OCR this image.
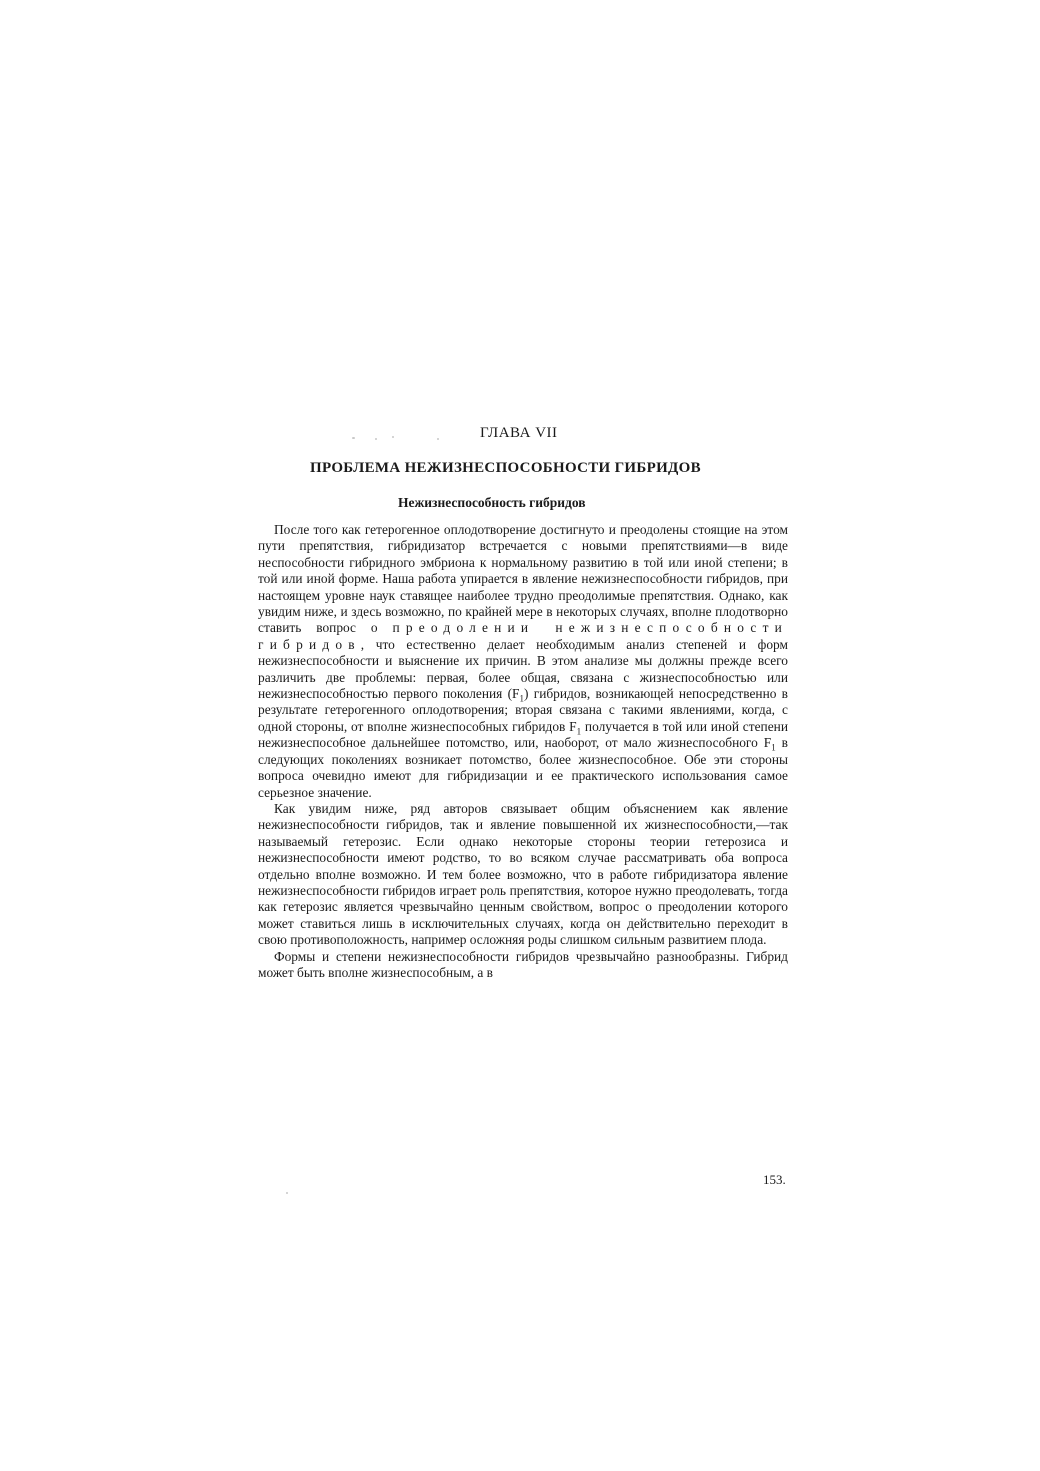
ГЛАВА VII
ПРОБЛЕМА НЕЖИЗНЕСПОСОБНОСТИ ГИБРИДОВ
Нежизнеспособность гибридов

После того как гетерогенное оплодотворение достигнуто и преодолены стоящие на этом пути препятствия, гибридизатор встречается с новыми препятствиями—в виде неспособности гибридного эмбриона к нормальному развитию в той или иной степени; в той или иной форме. Наша работа упирается в явление нежизнеспособности гибридов, при настоящем уровне наук ставящее наиболее трудно преодолимые препятствия. Однако, как увидим ниже, и здесь возможно, по крайней мере в некоторых случаях, вполне плодотворно ставить вопрос о преодолении нежизнеспособности гибридов, что естественно делает необходимым анализ степеней и форм нежизнеспособности и выяснение их причин. В этом анализе мы должны прежде всего различить две проблемы: первая, более общая, связана с жизнеспособностью или нежизнеспособностью первого поколения $(F_1)$ гибридов, возникающей непосредственно в результате гетерогенного оплодотворения; вторая связана с такими явлениями, когда, с одной стороны, от вполне жизнеспособных гибридов $F_1$ получается в той или иной степени нежизнеспособное дальнейшее потомство, или, наоборот, от мало жизнеспособного $F_1$ в следующих поколениях возникает потомство, более жизнеспособное. Обе эти стороны вопроса очевидно имеют для гибридизации и ее практического использования самое серьезное значение.

Как увидим ниже, ряд авторов связывает общим объяснением как явление нежизнеспособности гибридов, так и явление повышенной их жизнеспособности,—так называемый гетерозис. Если однако некоторые стороны теории гетерозиса и нежизнеспособности имеют родство, то во всяком случае рассматривать оба вопроса отдельно вполне возможно. И тем более возможно, что в работе гибридизатора явление нежизнеспособности гибридов играет роль препятствия, которое нужно преодолевать, тогда как гетерозис является чрезвычайно ценным свойством, вопрос о преодолении которого может ставиться лишь в исключительных случаях, когда он действительно переходит в свою противоположность, например осложняя роды слишком сильным развитием плода.

Формы и степени нежизнеспособности гибридов чрезвычайно разнообразны. Гибрид может быть вполне жизнеспособным, а в

153.
